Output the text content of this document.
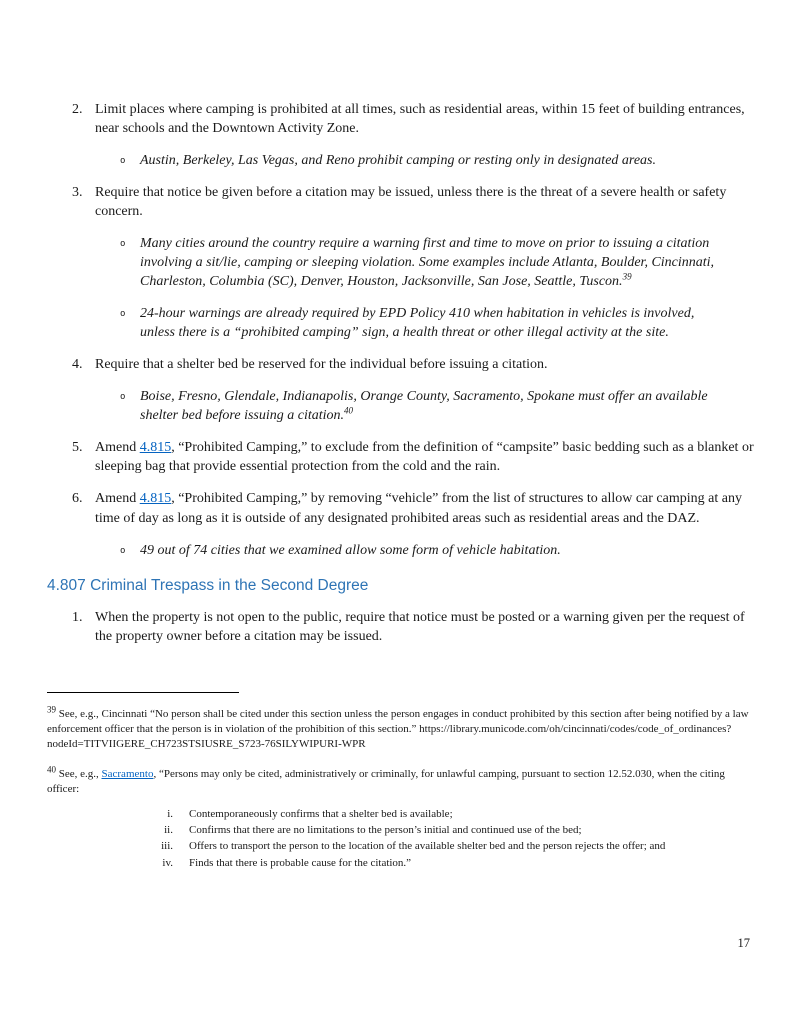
2. Limit places where camping is prohibited at all times, such as residential areas, within 15 feet of building entrances, near schools and the Downtown Activity Zone.
o	Austin, Berkeley, Las Vegas, and Reno prohibit camping or resting only in designated areas.
3. Require that notice be given before a citation may be issued, unless there is the threat of a severe health or safety concern.
o	Many cities around the country require a warning first and time to move on prior to issuing a citation involving a sit/lie, camping or sleeping violation. Some examples include Atlanta, Boulder, Cincinnati, Charleston, Columbia (SC), Denver, Houston, Jacksonville, San Jose, Seattle, Tuscon.$^{39}$
o	24-hour warnings are already required by EPD Policy 410 when habitation in vehicles is involved, unless there is a “prohibited camping” sign, a health threat or other illegal activity at the site.
4. Require that a shelter bed be reserved for the individual before issuing a citation.
o	Boise, Fresno, Glendale, Indianapolis, Orange County, Sacramento, Spokane must offer an available shelter bed before issuing a citation.$^{40}$
5. Amend 4.815, “Prohibited Camping,” to exclude from the definition of “campsite” basic bedding such as a blanket or sleeping bag that provide essential protection from the cold and the rain.
6. Amend 4.815, “Prohibited Camping,” by removing “vehicle” from the list of structures to allow car camping at any time of day as long as it is outside of any designated prohibited areas such as residential areas and the DAZ.
o	49 out of 74 cities that we examined allow some form of vehicle habitation.
4.807 Criminal Trespass in the Second Degree
1. When the property is not open to the public, require that notice must be posted or a warning given per the request of the property owner before a citation may be issued.
$^{39}$ See, e.g., Cincinnati “No person shall be cited under this section unless the person engages in conduct prohibited by this section after being notified by a law enforcement officer that the person is in violation of the prohibition of this section.” https://library.municode.com/oh/cincinnati/codes/code_of_ordinances?nodeId=TITVIIGERE_CH723STSIUSRE_S723-76SILYWIPURI-WPR
$^{40}$ See, e.g., Sacramento, “Persons may only be cited, administratively or criminally, for unlawful camping, pursuant to section 12.52.030, when the citing officer:
i.	Contemporaneously confirms that a shelter bed is available;
ii.	Confirms that there are no limitations to the person’s initial and continued use of the bed;
iii.	Offers to transport the person to the location of the available shelter bed and the person rejects the offer; and
iv.	Finds that there is probable cause for the citation.”
17
